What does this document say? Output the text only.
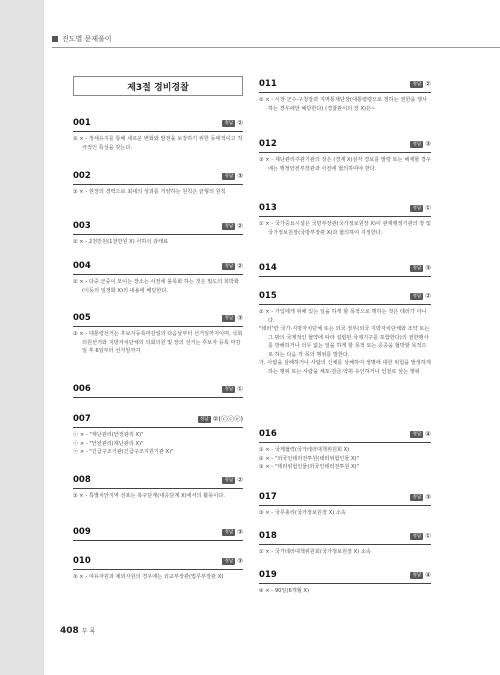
진도별 문제풀이
제3절 경비경찰
001	정답 ②

② × - 정세유지를 통해 새로운 변화와 발전을 보장하기 위한 동태적이고 적극적인 특성을 갖는다.

002	정답 ③

③ × - 현장의 경력으로 최대의 성과를 거양하는 원칙은 균형의 원칙

003	정답 ②

② × - 2천만원(1천만원 X) 이하의 과태료

004	정답 ②

② × - 다중 군중이 모이는 장소는 사전에 블록화 하는 것은 밀도의 희박화(이동의 일정화 X)의 내용에 해당한다.

005	정답 ③

③ × - 대통령선거는 후보자등록마감일의 다음날부터 선거일까지이며, 국회의원선거와 지방자치단체의 의회의원 및 장의 선거는 후보자 등록 마감일 후 6일부터 선거일까지

006	정답 ①
007	정답 ②(ⓒⓒⓔ)

ⓒ × - "재난관리(안전관리 X)"

ⓒ × - "안전관리(재난관리 X)"

ⓔ × - "긴급구조기관(긴급구조지원기관 X)"

008	정답 ②

③ × - 특별치안지역 선포는 복구단계(대응단계 X)에서의 활동이다.

009	정답 ③
010	정답 ③

③ × - 여유자원과 제외자원의 경우에는 외교부장관(법무부장관 X)

011	정답 ②

② × - 시장·군수·구청장과 지역통제단장(대통령령으로 정하는 권한을 행사하는 경우에만 해당한다) (경찰관서의 장 X)은~

012	정답 ③

③ × - 재난관리주관기관의 장은 (경계 X)심각 경보를 발령 또는 해제할 경우에는 행정안전부장관과 사전에 협의하여야 한다.

013	정답 ①

① × - 국가중요시설은 국방부장관(국가정보원장 X)이 관계행정기관의 장 및 국가정보원장(국방부장관 X)과 협의하여 지정한다.

014	정답 ③
015	정답 ②

② × - 가입에게 위해 있는 일을 하게 할 목적으로 행하는 것은 테러가 아니다.

"테러"란 국가·지방자치단체 또는 외국 정부(외국 지방자치단체와 조약 또는 그 밖의 국제적인 협약에 따라 설립된 국제기구를 포함한다)의 권한행사를 방해하거나 의무 없는 일을 하게 할 목적 또는 공중을 협박할 목적으로 하는 다음 각 목의 행위를 말한다.

가. 사람을 살해하거나 사람의 신체를 상해하여 생명에 대한 위험을 발생하게 하는 행위 또는 사람을 체포·감금·약취·유인하거나 인질로 삼는 행위

016	정답 ④

① × - 국제협력(국가테러대책위원회 X)

② × - "외국인테러전투원(테러위험인물 X)"

③ × - "테러위험인물(외국인테러전투원 X)"

017	정답 ③

③ × - 국무총리(국가정보원장 X) 소속

018	정답 ①

① × - 국가테러대책위원회(국가정보원장 X) 소속

019	정답 ④

④ × - 90일(6개월 X)

408 부 록
